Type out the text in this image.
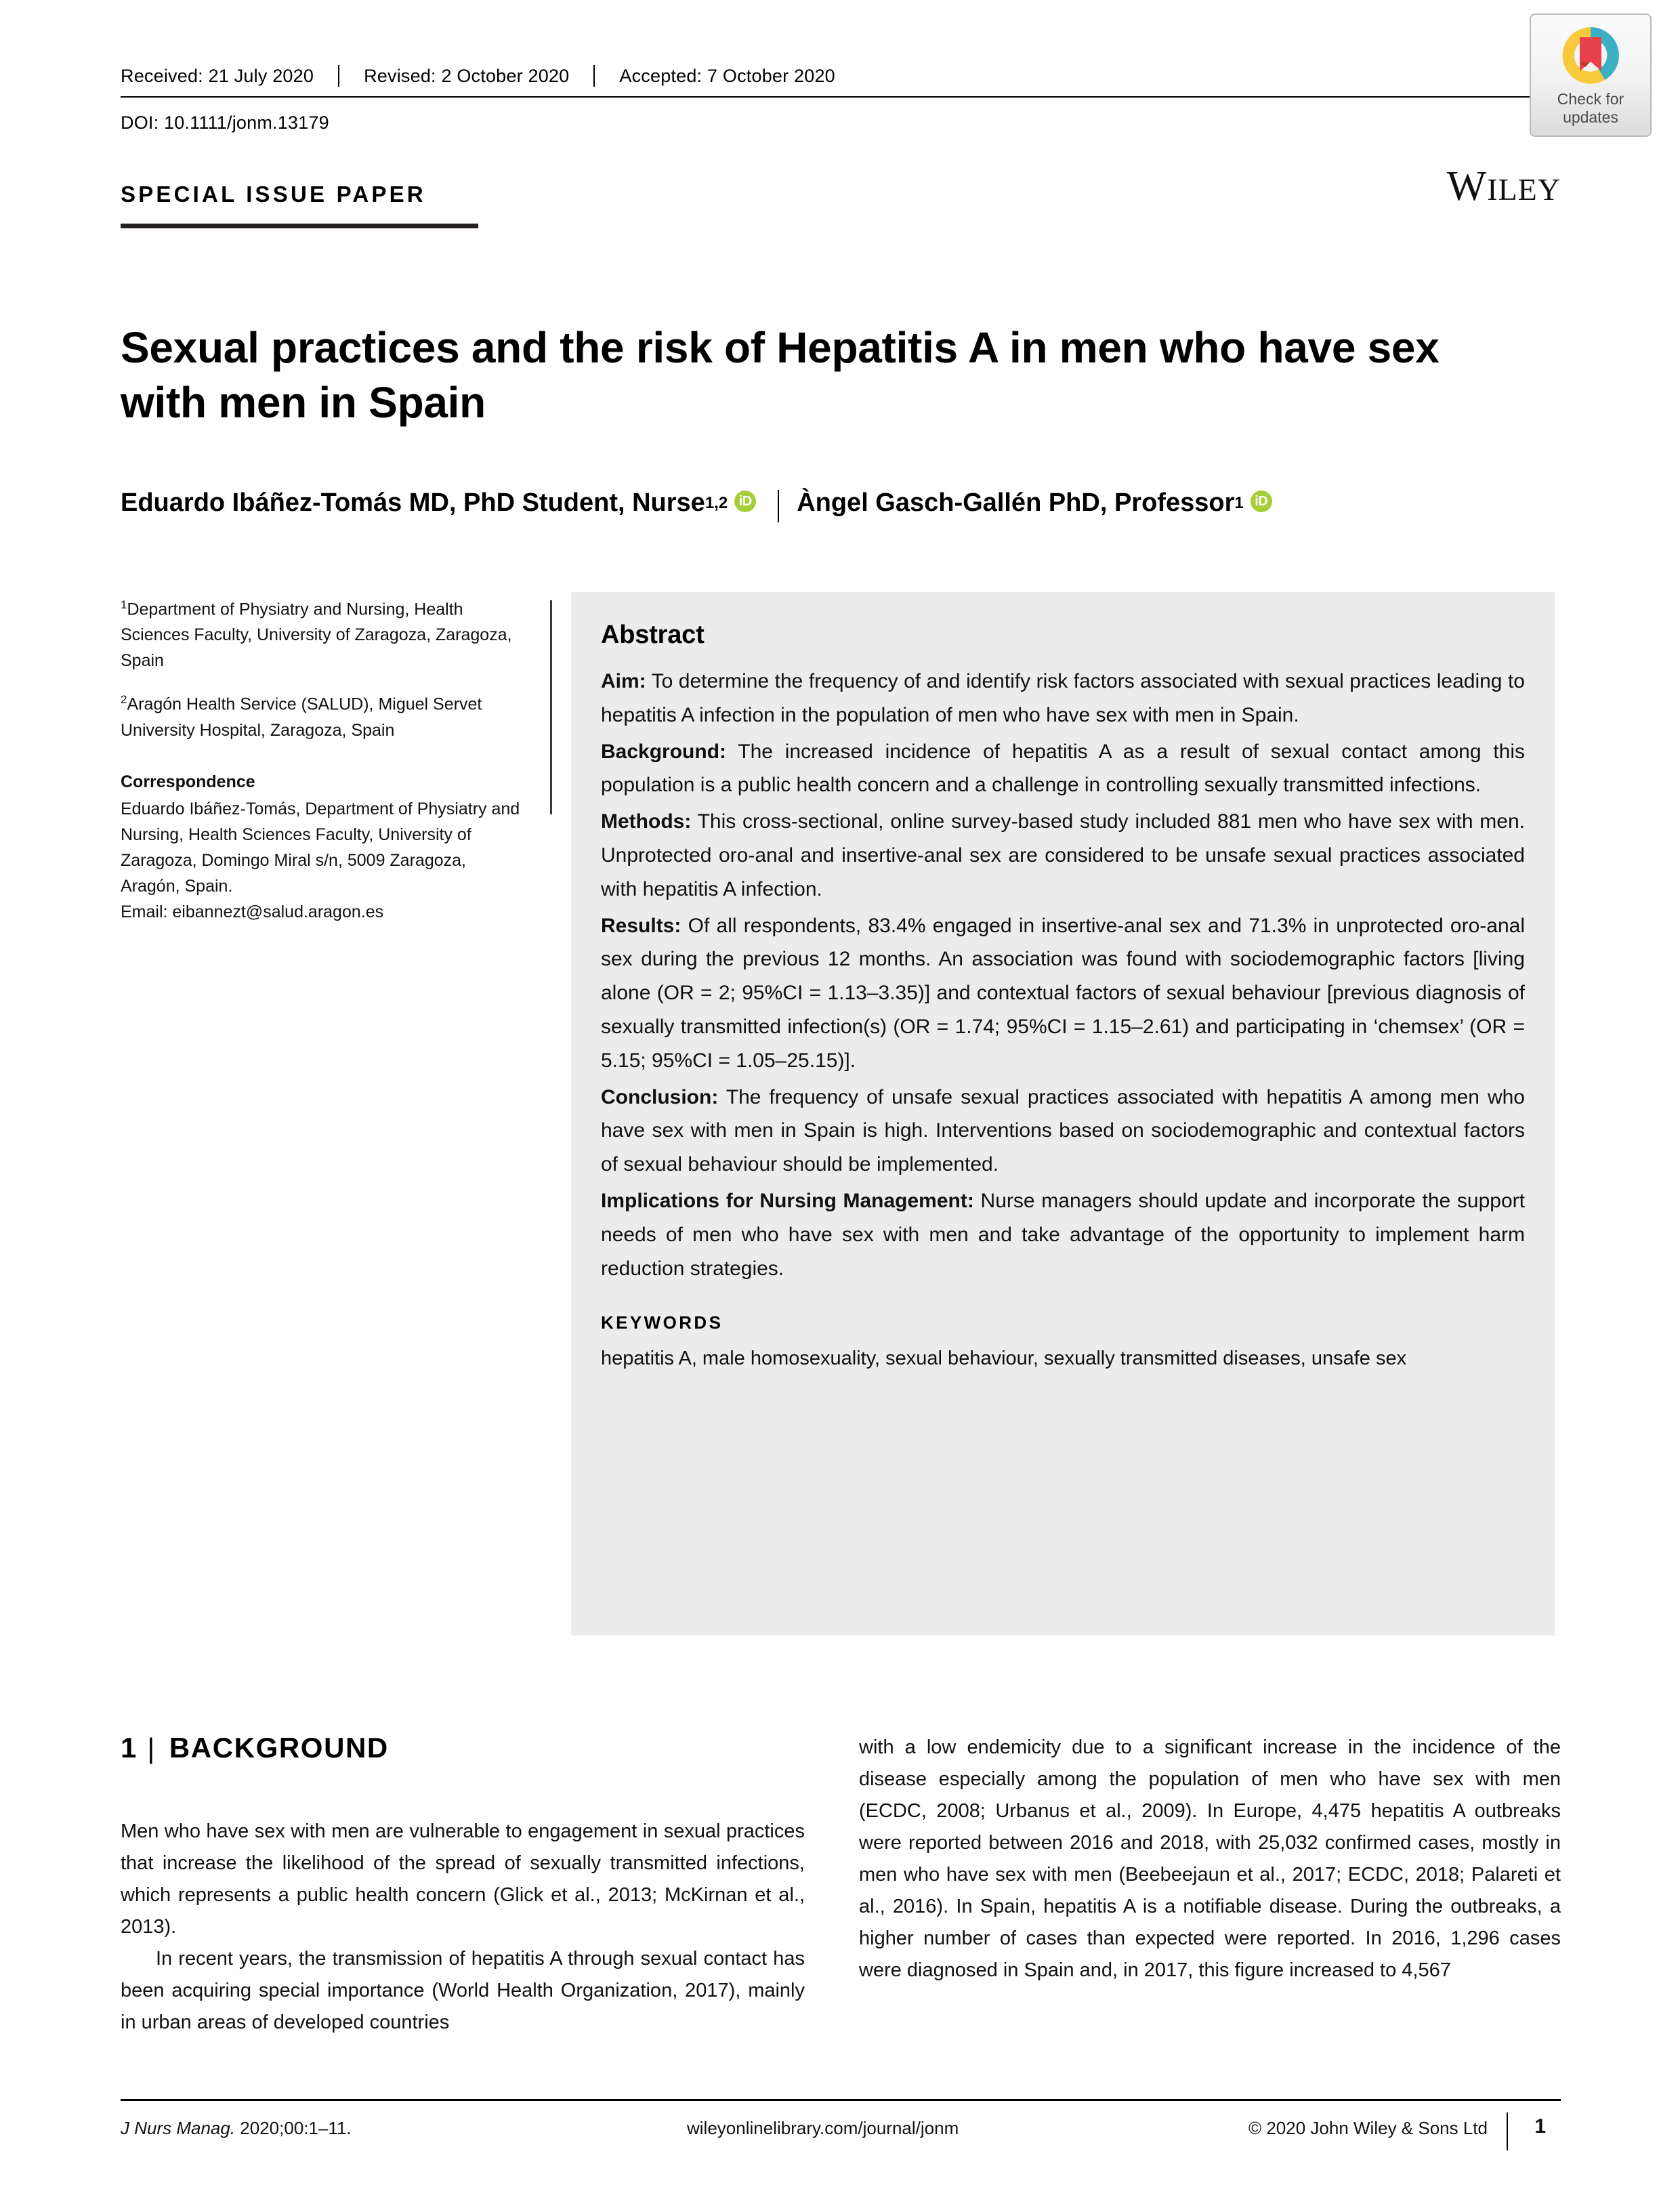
Received: 21 July 2020	Revised: 2 October 2020	Accepted: 7 October 2020
DOI: 10.1111/jonm.13179
Check for
updates
SPECIAL ISSUE PAPER	WILEY
Sexual practices and the risk of Hepatitis A in men who have sex with men in Spain
Eduardo Ibáñez-Tomás MD, PhD Student, Nurse 1,2 iD Àngel Gasch-Gallén PhD, Professor 1 iD
$^1$Department of Physiatry and Nursing, Health Sciences Faculty, University of Zaragoza, Zaragoza, Spain
$^2$Aragón Health Service (SALUD), Miguel Servet University Hospital, Zaragoza, Spain
Correspondence
Eduardo Ibáñez-Tomás, Department of Physiatry and Nursing, Health Sciences Faculty, University of Zaragoza, Domingo Miral s/n, 5009 Zaragoza, Aragón, Spain.
Email: eibannezt@salud.aragon.es
Abstract

Aim: To determine the frequency of and identify risk factors associated with sexual practices leading to hepatitis A infection in the population of men who have sex with men in Spain.

Background: The increased incidence of hepatitis A as a result of sexual contact among this population is a public health concern and a challenge in controlling sexually transmitted infections.

Methods: This cross-sectional, online survey-based study included 881 men who have sex with men. Unprotected oro-anal and insertive-anal sex are considered to be unsafe sexual practices associated with hepatitis A infection.

Results: Of all respondents, 83.4% engaged in insertive-anal sex and 71.3% in unprotected oro-anal sex during the previous 12 months. An association was found with sociodemographic factors [living alone (OR = 2; 95%CI = 1.13–3.35)] and contextual factors of sexual behaviour [previous diagnosis of sexually transmitted infection(s) (OR = 1.74; 95%CI = 1.15–2.61) and participating in ‘chemsex’ (OR = 5.15; 95%CI = 1.05–25.15)].

Conclusion: The frequency of unsafe sexual practices associated with hepatitis A among men who have sex with men in Spain is high. Interventions based on sociodemographic and contextual factors of sexual behaviour should be implemented.

Implications for Nursing Management: Nurse managers should update and incorporate the support needs of men who have sex with men and take advantage of the opportunity to implement harm reduction strategies.

KEYWORDS
hepatitis A, male homosexuality, sexual behaviour, sexually transmitted diseases, unsafe sex
1 | BACKGROUND

Men who have sex with men are vulnerable to engagement in sexual practices that increase the likelihood of the spread of sexually transmitted infections, which represents a public health concern (Glick et al., 2013; McKirnan et al., 2013).

In recent years, the transmission of hepatitis A through sexual contact has been acquiring special importance (World Health Organization, 2017), mainly in urban areas of developed countries

with a low endemicity due to a significant increase in the incidence of the disease especially among the population of men who have sex with men (ECDC, 2008; Urbanus et al., 2009). In Europe, 4,475 hepatitis A outbreaks were reported between 2016 and 2018, with 25,032 confirmed cases, mostly in men who have sex with men (Beebeejaun et al., 2017; ECDC, 2018; Palareti et al., 2016). In Spain, hepatitis A is a notifiable disease. During the outbreaks, a higher number of cases than expected were reported. In 2016, 1,296 cases were diagnosed in Spain and, in 2017, this figure increased to 4,567

J Nurs Manag. 2020;00:1–11.	wileyonlinelibrary.com/journal/jonm	© 2020 John Wiley & Sons Ltd 1
